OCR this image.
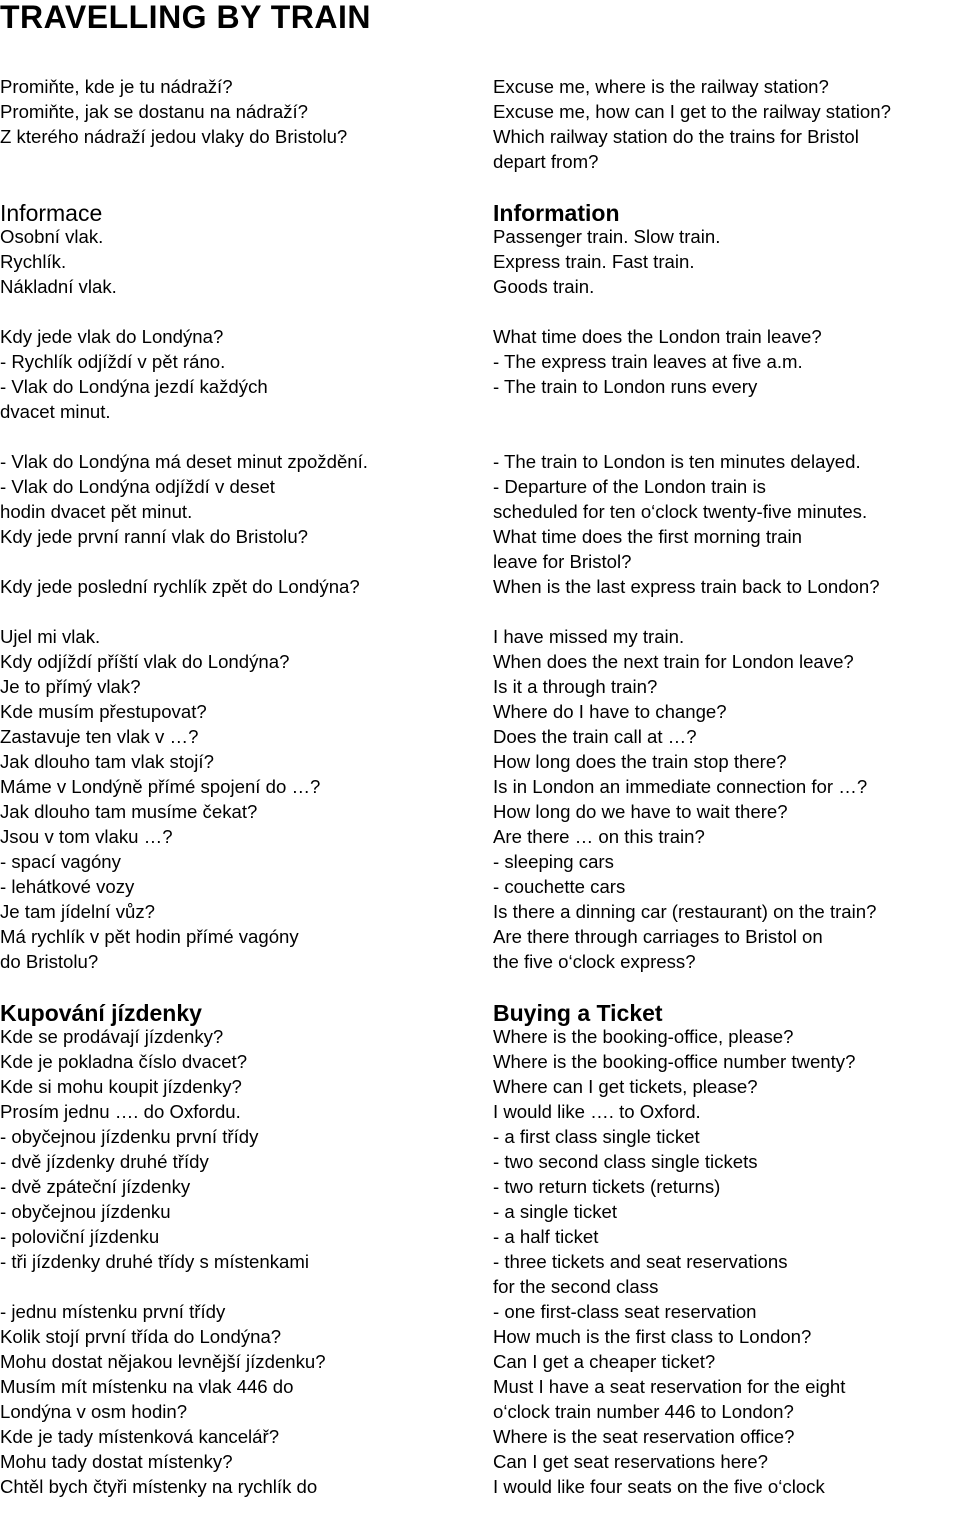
TRAVELLING BY TRAIN
Promiňte, kde je tu nádraží?
Promiňte, jak se dostanu na nádraží?
Z kterého nádraží jedou vlaky do Bristolu?
Informace
Osobní vlak.
Rychlík.
Nákladní vlak.
Kdy jede vlak do Londýna?
- Rychlík odjíždí v pět ráno.
- Vlak do Londýna jezdí každých
dvacet minut.
- Vlak do Londýna má deset minut zpoždění.
- Vlak do Londýna odjíždí v deset
hodin dvacet pět minut.
Kdy jede první ranní vlak do Bristolu?
Kdy jede poslední rychlík zpět do Londýna?
Ujel mi vlak.
Kdy odjíždí příští vlak do Londýna?
Je to přímý vlak?
Kde musím přestupovat?
Zastavuje ten vlak v …?
Jak dlouho tam vlak stojí?
Máme v Londýně přímé spojení do …?
Jak dlouho tam musíme čekat?
Jsou v tom vlaku …?
- spací vagóny
- lehátkové vozy
Je tam jídelní vůz?
Má rychlík v pět hodin přímé vagóny
do Bristolu?
Kupování jízdenky
Kde se prodávají jízdenky?
Kde je pokladna číslo dvacet?
Kde si mohu koupit jízdenky?
Prosím jednu …. do Oxfordu.
- obyčejnou jízdenku první třídy
- dvě jízdenky druhé třídy
- dvě zpáteční jízdenky
- obyčejnou jízdenku
- poloviční jízdenku
- tři jízdenky druhé třídy s místenkami
- jednu místenku první třídy
Kolik stojí první třída do Londýna?
Mohu dostat nějakou levnější jízdenku?
Musím mít místenku na vlak 446 do
Londýna v osm hodin?
Kde je tady místenková kancelář?
Mohu tady dostat místenky?
Chtěl bych čtyři místenky na rychlík do
Excuse me, where is the railway station?
Excuse me, how can I get to the railway station?
Which railway station do the trains for Bristol
depart from?
Information
Passenger train. Slow train.
Express train. Fast train.
Goods train.
What time does the London train leave?
- The express train leaves at five a.m.
- The train to London runs every
- The train to London is ten minutes delayed.
- Departure of the London train is
scheduled for ten o‘clock twenty-five minutes.
What time does the first morning train
leave for Bristol?
When is the last express train back to London?
I have missed my train.
When does the next train for London leave?
Is it a through train?
Where do I have to change?
Does the train call at …?
How long does the train stop there?
Is in London an immediate connection for …?
How long do we have to wait there?
Are there … on this train?
- sleeping cars
- couchette cars
Is there a dinning car (restaurant) on the train?
Are there through carriages to Bristol on
the five o‘clock express?
Buying a Ticket
Where is the booking-office, please?
Where is the booking-office number twenty?
Where can I get tickets, please?
I would like …. to Oxford.
- a first class single ticket
- two second class single tickets
- two return tickets (returns)
- a single ticket
- a half ticket
- three tickets and seat reservations
for the second class
- one first-class seat reservation
How much is the first class to London?
Can I get a cheaper ticket?
Must I have a seat reservation for the eight
o‘clock train number 446 to London?
Where is the seat reservation office?
Can I get seat reservations here?
I would like four seats on the five o‘clock
